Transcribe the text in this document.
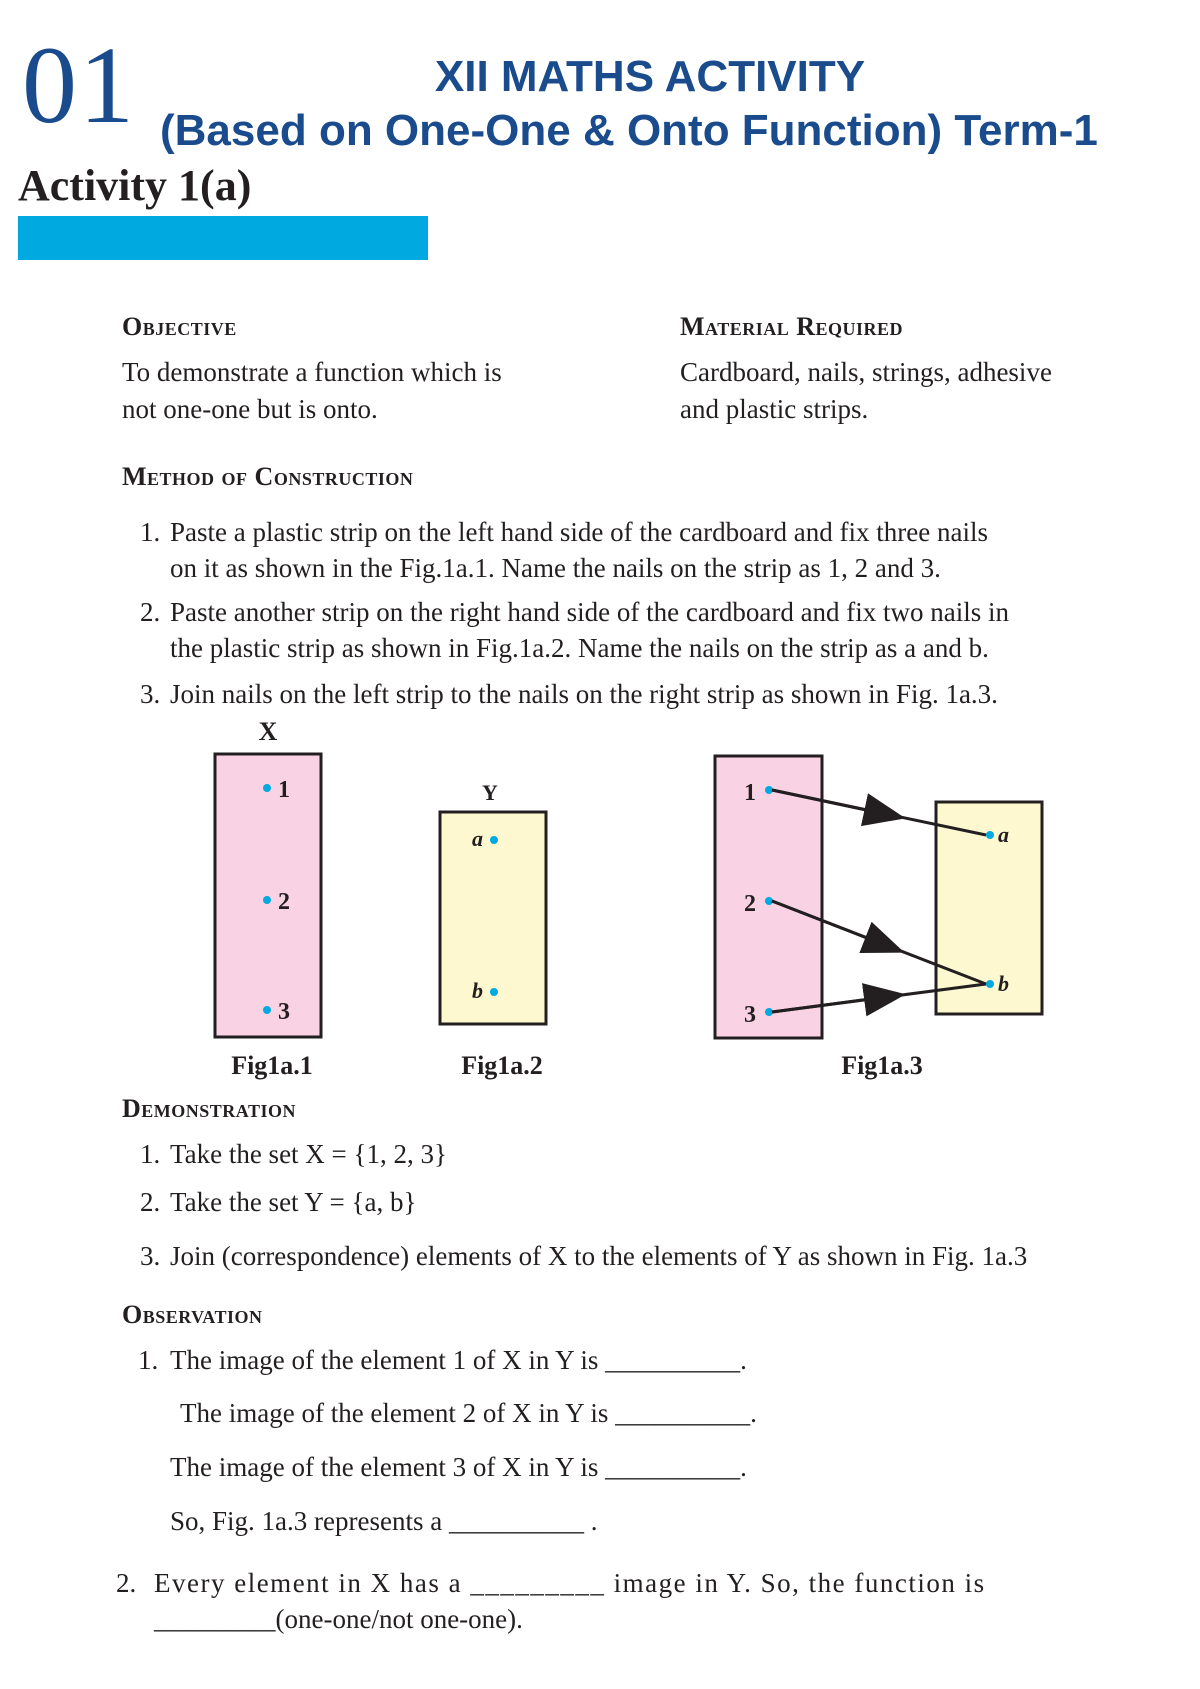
01	XII MATHS ACTIVITY
(Based on One-One & Onto Function) Term-1
Activity 1(a)
Objective
To demonstrate a function which is
not one-one but is onto.
Material Required
Cardboard, nails, strings, adhesive
and plastic strips.
Method of Construction
1. Paste a plastic strip on the left hand side of the cardboard and fix three nails
on it as shown in the Fig.1a.1. Name the nails on the strip as 1, 2 and 3.
2. Paste another strip on the right hand side of the cardboard and fix two nails in
the plastic strip as shown in Fig.1a.2. Name the nails on the strip as a and b.
3. Join nails on the left strip to the nails on the right strip as shown in Fig. 1a.3.
X
1
2
3
Fig1a.1
Y
a
b
Fig1a.2
1
2
3
a
b
Fig1a.3
Demonstration
1. Take the set X = {1, 2, 3}
2. Take the set Y = {a, b}
3. Join (correspondence) elements of X to the elements of Y as shown in Fig. 1a.3
Observation
1. The image of the element 1 of X in Y is __________.
The image of the element 2 of X in Y is __________.
The image of the element 3 of X in Y is __________.
So, Fig. 1a.3 represents a __________ .
2. Every element in X has a _________ image in Y. So, the function is
_________(one-one/not one-one).
